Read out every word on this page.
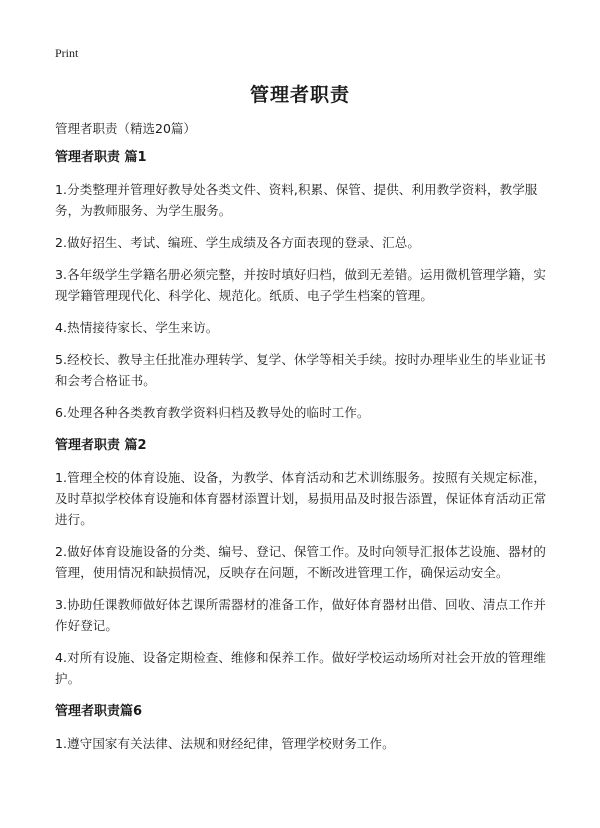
Print
管理者职责

管理者职责（精选20篇）

管理者职责 篇1

1.分类整理并管理好教导处各类文件、资料,积累、保管、提供、利用教学资料，教学服务，为教师服务、为学生服务。

2.做好招生、考试、编班、学生成绩及各方面表现的登录、汇总。

3.各年级学生学籍名册必须完整，并按时填好归档，做到无差错。运用微机管理学籍，实现学籍管理现代化、科学化、规范化。纸质、电子学生档案的管理。

4.热情接待家长、学生来访。

5.经校长、教导主任批准办理转学、复学、休学等相关手续。按时办理毕业生的毕业证书和会考合格证书。

6.处理各种各类教育教学资料归档及教导处的临时工作。

管理者职责 篇2

1.管理全校的体育设施、设备，为教学、体育活动和艺术训练服务。按照有关规定标准，及时草拟学校体育设施和体育器材添置计划，易损用品及时报告添置，保证体育活动正常进行。

2.做好体育设施设备的分类、编号、登记、保管工作。及时向领导汇报体艺设施、器材的管理，使用情况和缺损情况，反映存在问题，不断改进管理工作，确保运动安全。

3.协助任课教师做好体艺课所需器材的准备工作，做好体育器材出借、回收、清点工作并作好登记。

4.对所有设施、设备定期检查、维修和保养工作。做好学校运动场所对社会开放的管理维护。

管理者职责篇6

1.遵守国家有关法律、法规和财经纪律，管理学校财务工作。
